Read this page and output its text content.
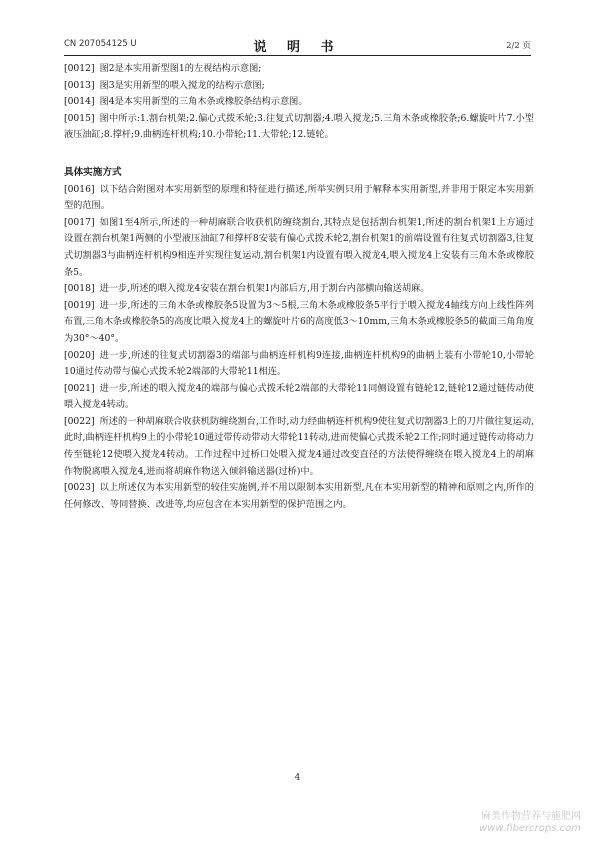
CN 207054125 U	说 明 书	2/2 页

[0012] 图2是本实用新型图1的左视结构示意图;

[0013] 图3是实用新型的喂入搅龙的结构示意图;

[0014] 图4是本实用新型的三角木条或橡胶条结构示意图。

[0015] 图中所示:1.割台机架;2.偏心式拨禾轮;3.往复式切割器;4.喂入搅龙;5.三角木条或橡胶条;6.螺旋叶片7.小型液压油缸;8.撑杆;9.曲柄连杆机构;10.小带轮;11.大带轮;12.链轮。

具体实施方式

[0016] 以下结合附图对本实用新型的原理和特征进行描述,所举实例只用于解释本实用新型,并非用于限定本实用新型的范围。

[0017] 如图1至4所示,所述的一种胡麻联合收获机防缠绕割台,其特点是包括割台机架1,所述的割台机架1上方通过设置在割台机架1两侧的小型液压油缸7和撑杆8安装有偏心式拨禾轮2,割台机架1的前端设置有往复式切割器3,往复式切割器3与曲柄连杆机构9相连并实现往复运动,割台机架1内设置有喂入搅龙4,喂入搅龙4上安装有三角木条或橡胶条5。

[0018] 进一步,所述的喂入搅龙4安装在割台机架1内部后方,用于割台内部横向输送胡麻。

[0019] 进一步,所述的三角木条或橡胶条5设置为3～5根,三角木条或橡胶条5平行于喂入搅龙4轴线方向上线性阵列布置,三角木条或橡胶条5的高度比喂入搅龙4上的螺旋叶片6的高度低3～10mm,三角木条或橡胶条5的截面三角角度为30°～40°。

[0020] 进一步,所述的往复式切割器3的端部与曲柄连杆机构9连接,曲柄连杆机构9的曲柄上装有小带轮10,小带轮10通过传动带与偏心式拨禾轮2端部的大带轮11相连。

[0021] 进一步,所述的喂入搅龙4的端部与偏心式拨禾轮2端部的大带轮11同侧设置有链轮12,链轮12通过链传动使喂入搅龙4转动。

[0022] 所述的一种胡麻联合收获机防缠绕割台,工作时,动力经曲柄连杆机构9使往复式切割器3上的刀片做往复运动,此时,曲柄连杆机构9上的小带轮10通过带传动带动大带轮11转动,进而使偏心式拨禾轮2工作;同时通过链传动将动力传至链轮12使喂入搅龙4转动。工作过程中过桥口处喂入搅龙4通过改变直径的方法使得缠绕在喂入搅龙4上的胡麻作物脱离喂入搅龙4,进而将胡麻作物送入倾斜输送器(过桥)中。

[0023] 以上所述仅为本实用新型的较佳实施例,并不用以限制本实用新型,凡在本实用新型的精神和原则之内,所作的任何修改、等同替换、改进等,均应包含在本实用新型的保护范围之内。

4
麻类作物营养与施肥网
www.fibercrops.com
